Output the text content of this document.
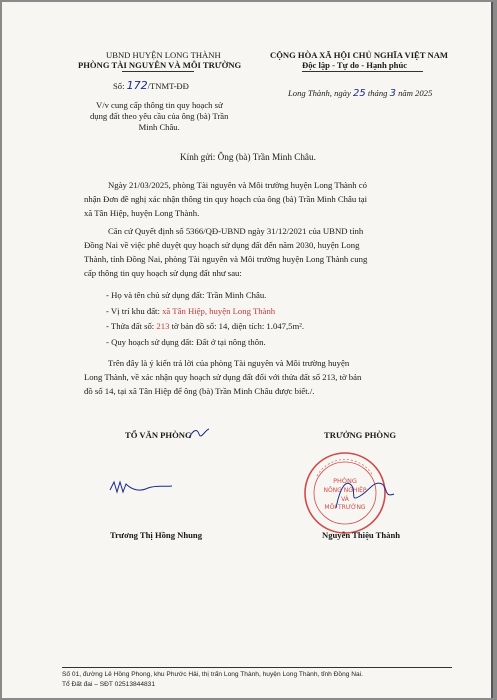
UBND HUYỆN LONG THÀNH
PHÒNG TÀI NGUYÊN VÀ MÔI TRƯỜNG
CỘNG HÒA XÃ HỘI CHỦ NGHĨA VIỆT NAM
Độc lập - Tự do - Hạnh phúc
Số: 172/TNMT-ĐĐ
Long Thành, ngày 25 tháng 3 năm 2025
V/v cung cấp thông tin quy hoạch sử
dụng đất theo yêu cầu của ông (bà) Trần
Minh Châu.
Kính gửi: Ông (bà) Trần Minh Châu.
Ngày 21/03/2025, phòng Tài nguyên và Môi trường huyện Long Thành có
nhận Đơn đề nghị xác nhận thông tin quy hoạch của ông (bà) Trần Minh Châu tại
xã Tân Hiệp, huyện Long Thành.
Căn cứ Quyết định số 5366/QĐ-UBND ngày 31/12/2021 của UBND tỉnh
Đồng Nai về việc phê duyệt quy hoạch sử dụng đất đến năm 2030, huyện Long
Thành, tỉnh Đồng Nai, phòng Tài nguyên và Môi trường huyện Long Thành cung
cấp thông tin quy hoạch sử dụng đất như sau:
- Họ và tên chủ sử dụng đất: Trần Minh Châu.
- Vị trí khu đất: xã Tân Hiệp, huyện Long Thành
- Thửa đất số: 213 tờ bản đồ số: 14, diện tích: 1.047,5m².
- Quy hoạch sử dụng đất: Đất ở tại nông thôn.
Trên đây là ý kiến trả lời của phòng Tài nguyên và Môi trường huyện
Long Thành, về xác nhận quy hoạch sử dụng đất đối với thửa đất số 213, tờ bản
đồ số 14, tại xã Tân Hiệp để ông (bà) Trần Minh Châu được biết./.
TỔ VĂN PHÒNG	TRƯỞNG PHÒNG
PHÒNG
NÔNG NGHIỆP
VÀ
MÔI TRƯỜNG
Trương Thị Hồng Nhung	Nguyễn Thiệu Thành
Số 01, đường Lê Hồng Phong, khu Phước Hải, thị trấn Long Thành, huyện Long Thành, tỉnh Đồng Nai.
Tổ Đất đai – SĐT 02513844831
